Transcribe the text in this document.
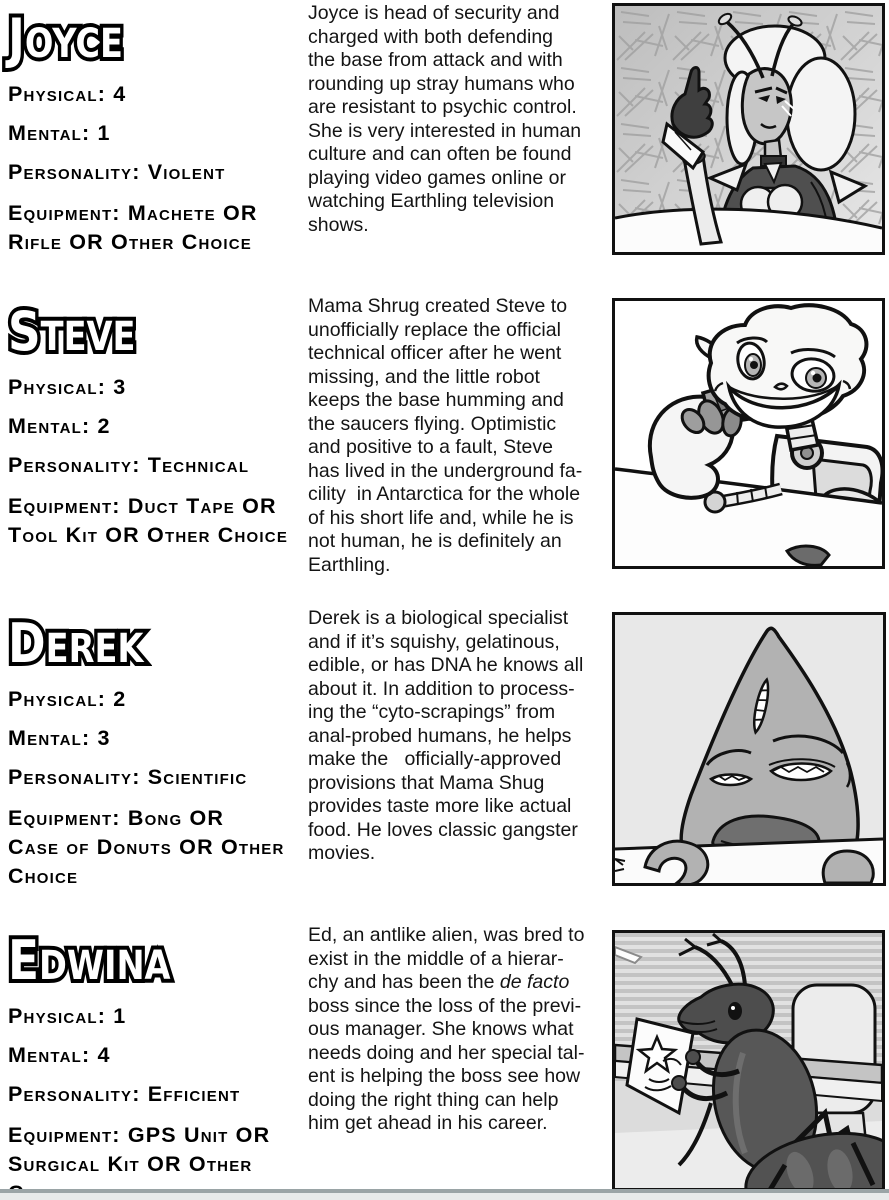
JOYCE
Physical: 4
Mental: 1
Personality: Violent
Equipment: Machete OR
Rifle OR Other Choice
Joyce is head of security and
charged with both defending
the base from attack and with
rounding up stray humans who
are resistant to psychic control.
She is very interested in human
culture and can often be found
playing video games online or
watching Earthling television
shows.
STEVE
Physical: 3
Mental: 2
Personality: Technical
Equipment: Duct Tape OR
Tool Kit OR Other Choice
Mama Shrug created Steve to
unofficially replace the official
technical officer after he went
missing, and the little robot
keeps the base humming and
the saucers flying. Optimistic
and positive to a fault, Steve
has lived in the underground fa-
cility  in Antarctica for the whole
of his short life and, while he is
not human, he is definitely an
Earthling.
DEREK
Physical: 2
Mental: 3
Personality: Scientific
Equipment: Bong OR
Case of Donuts OR Other
Choice
Derek is a biological specialist
and if it’s squishy, gelatinous,
edible, or has DNA he knows all
about it. In addition to process-
ing the “cyto-scrapings” from
anal-probed humans, he helps
make the   officially-approved
provisions that Mama Shug
provides taste more like actual
food. He loves classic gangster
movies.
EDWINA
Physical: 1
Mental: 4
Personality: Efficient
Equipment: GPS Unit OR
Surgical Kit OR Other
Ed, an antlike alien, was bred to
exist in the middle of a hierar-
chy and has been the de facto
boss since the loss of the previ-
ous manager. She knows what
needs doing and her special tal-
ent is helping the boss see how
doing the right thing can help
him get ahead in his career.
